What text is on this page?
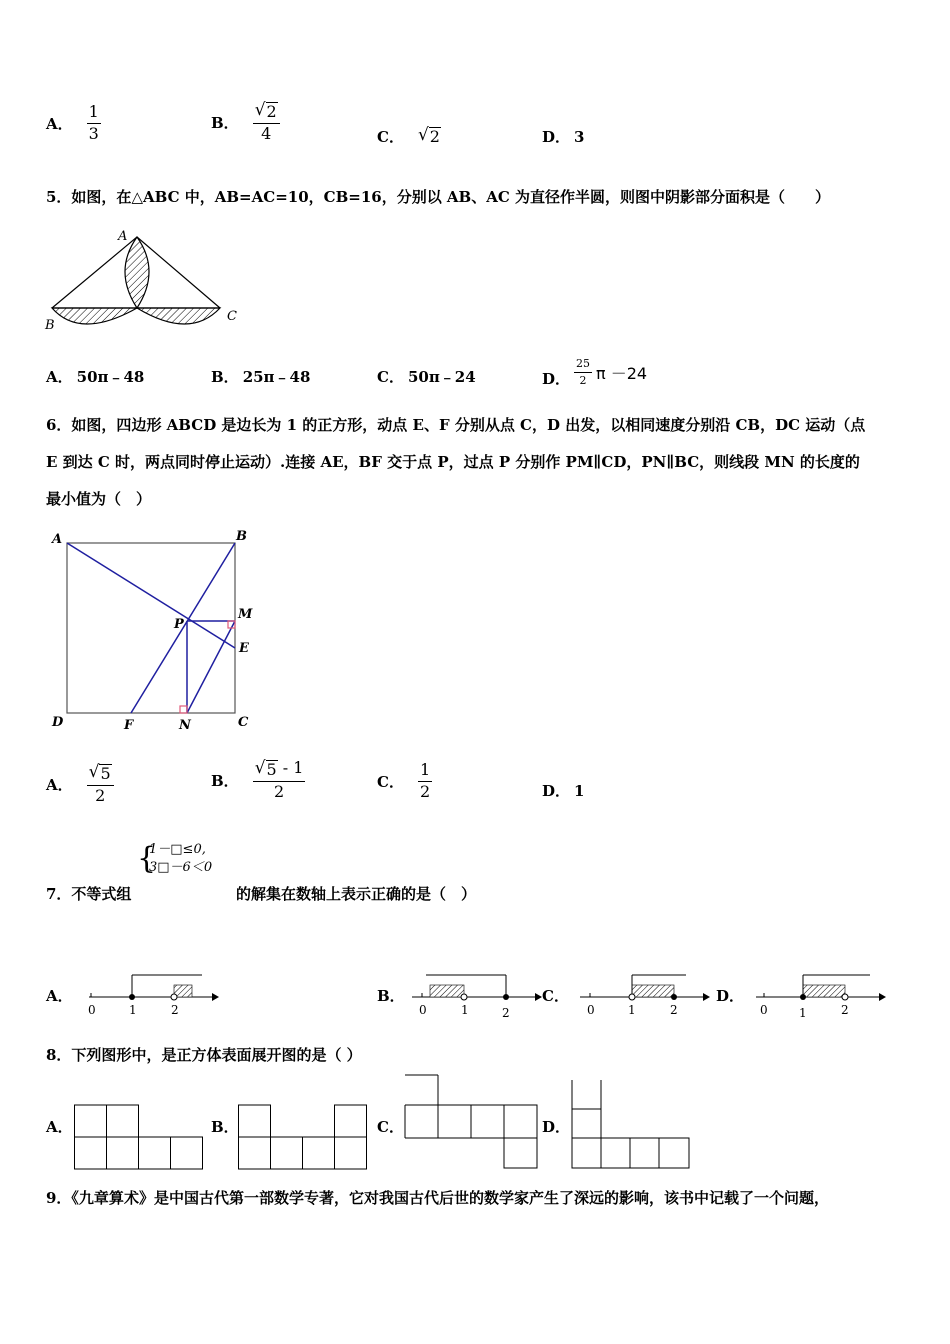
A． $\frac{1}{3}$	B． $\frac{√ 2}{4}$	C． √ 2	D． 3
5．如图，在△ABC 中，AB=AC=10，CB=16，分别以 AB、AC 为直径作半圆，则图中阴影部分面积是（　　）
A
B
C
A． 50π﹣48	B． 25π﹣48	C． 50π﹣24	D． $\frac{25}{2}$ π －24
6．如图，四边形 ABCD 是边长为 1 的正方形，动点 E、F 分别从点 C，D 出发，以相同速度分别沿 CB，DC 运动（点
E 到达 C 时，两点同时停止运动）.连接 AE，BF 交于点 P，过点 P 分别作 PM∥CD，PN∥BC，则线段 MN 的长度的
最小值为（　）
A	B
C
D
P
M
E
F	N
A． $\frac{√ 5}{2}$	B． $\frac{√ 5 - 1}{2}$	C． $\frac{1}{2}$	D． 1
{
1－□≤0,
3□－6＜0
7．不等式组	的解集在数轴上表示正确的是（　）
A．
0	1	2
B．
0	1	2
C．
0	1	2
D．
0	1	2
8．下列图形中，是正方体表面展开图的是（ ）
A．	B．	C．	D．
9．《九章算术》是中国古代第一部数学专著，它对我国古代后世的数学家产生了深远的影响，该书中记载了一个问题，
